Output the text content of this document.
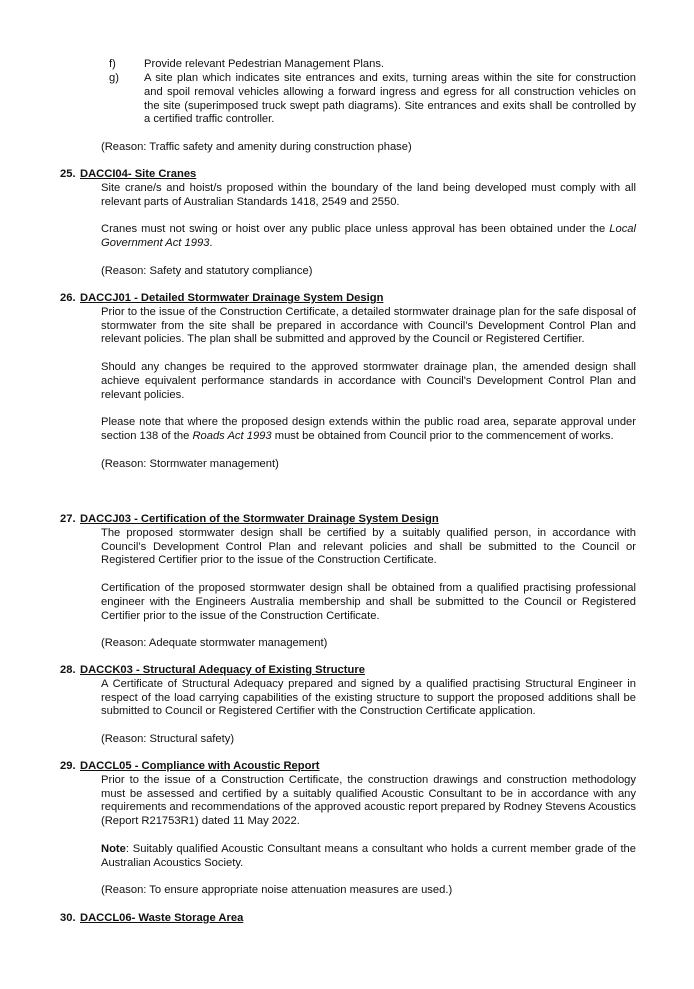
f)	Provide relevant Pedestrian Management Plans.
g)	A site plan which indicates site entrances and exits, turning areas within the site for construction and spoil removal vehicles allowing a forward ingress and egress for all construction vehicles on the site (superimposed truck swept path diagrams). Site entrances and exits shall be controlled by a certified traffic controller.
(Reason: Traffic safety and amenity during construction phase)
25. DACCI04- Site Cranes

Site crane/s and hoist/s proposed within the boundary of the land being developed must comply with all relevant parts of Australian Standards 1418, 2549 and 2550.

Cranes must not swing or hoist over any public place unless approval has been obtained under the Local Government Act 1993.

(Reason: Safety and statutory compliance)

26. DACCJ01 - Detailed Stormwater Drainage System Design

Prior to the issue of the Construction Certificate, a detailed stormwater drainage plan for the safe disposal of stormwater from the site shall be prepared in accordance with Council’s Development Control Plan and relevant policies. The plan shall be submitted and approved by the Council or Registered Certifier.

Should any changes be required to the approved stormwater drainage plan, the amended design shall achieve equivalent performance standards in accordance with Council's Development Control Plan and relevant policies.

Please note that where the proposed design extends within the public road area, separate approval under section 138 of the Roads Act 1993 must be obtained from Council prior to the commencement of works.

(Reason: Stormwater management)

27. DACCJ03 - Certification of the Stormwater Drainage System Design

The proposed stormwater design shall be certified by a suitably qualified person, in accordance with Council’s Development Control Plan and relevant policies and shall be submitted to the Council or Registered Certifier prior to the issue of the Construction Certificate.

Certification of the proposed stormwater design shall be obtained from a qualified practising professional engineer with the Engineers Australia membership and shall be submitted to the Council or Registered Certifier prior to the issue of the Construction Certificate.

(Reason: Adequate stormwater management)

28. DACCK03 - Structural Adequacy of Existing Structure

A Certificate of Structural Adequacy prepared and signed by a qualified practising Structural Engineer in respect of the load carrying capabilities of the existing structure to support the proposed additions shall be submitted to Council or Registered Certifier with the Construction Certificate application.

(Reason: Structural safety)

29. DACCL05 - Compliance with Acoustic Report

Prior to the issue of a Construction Certificate, the construction drawings and construction methodology must be assessed and certified by a suitably qualified Acoustic Consultant to be in accordance with any requirements and recommendations of the approved acoustic report prepared by Rodney Stevens Acoustics (Report R21753R1) dated 11 May 2022.

Note: Suitably qualified Acoustic Consultant means a consultant who holds a current member grade of the Australian Acoustics Society.

(Reason: To ensure appropriate noise attenuation measures are used.)

30. DACCL06- Waste Storage Area
